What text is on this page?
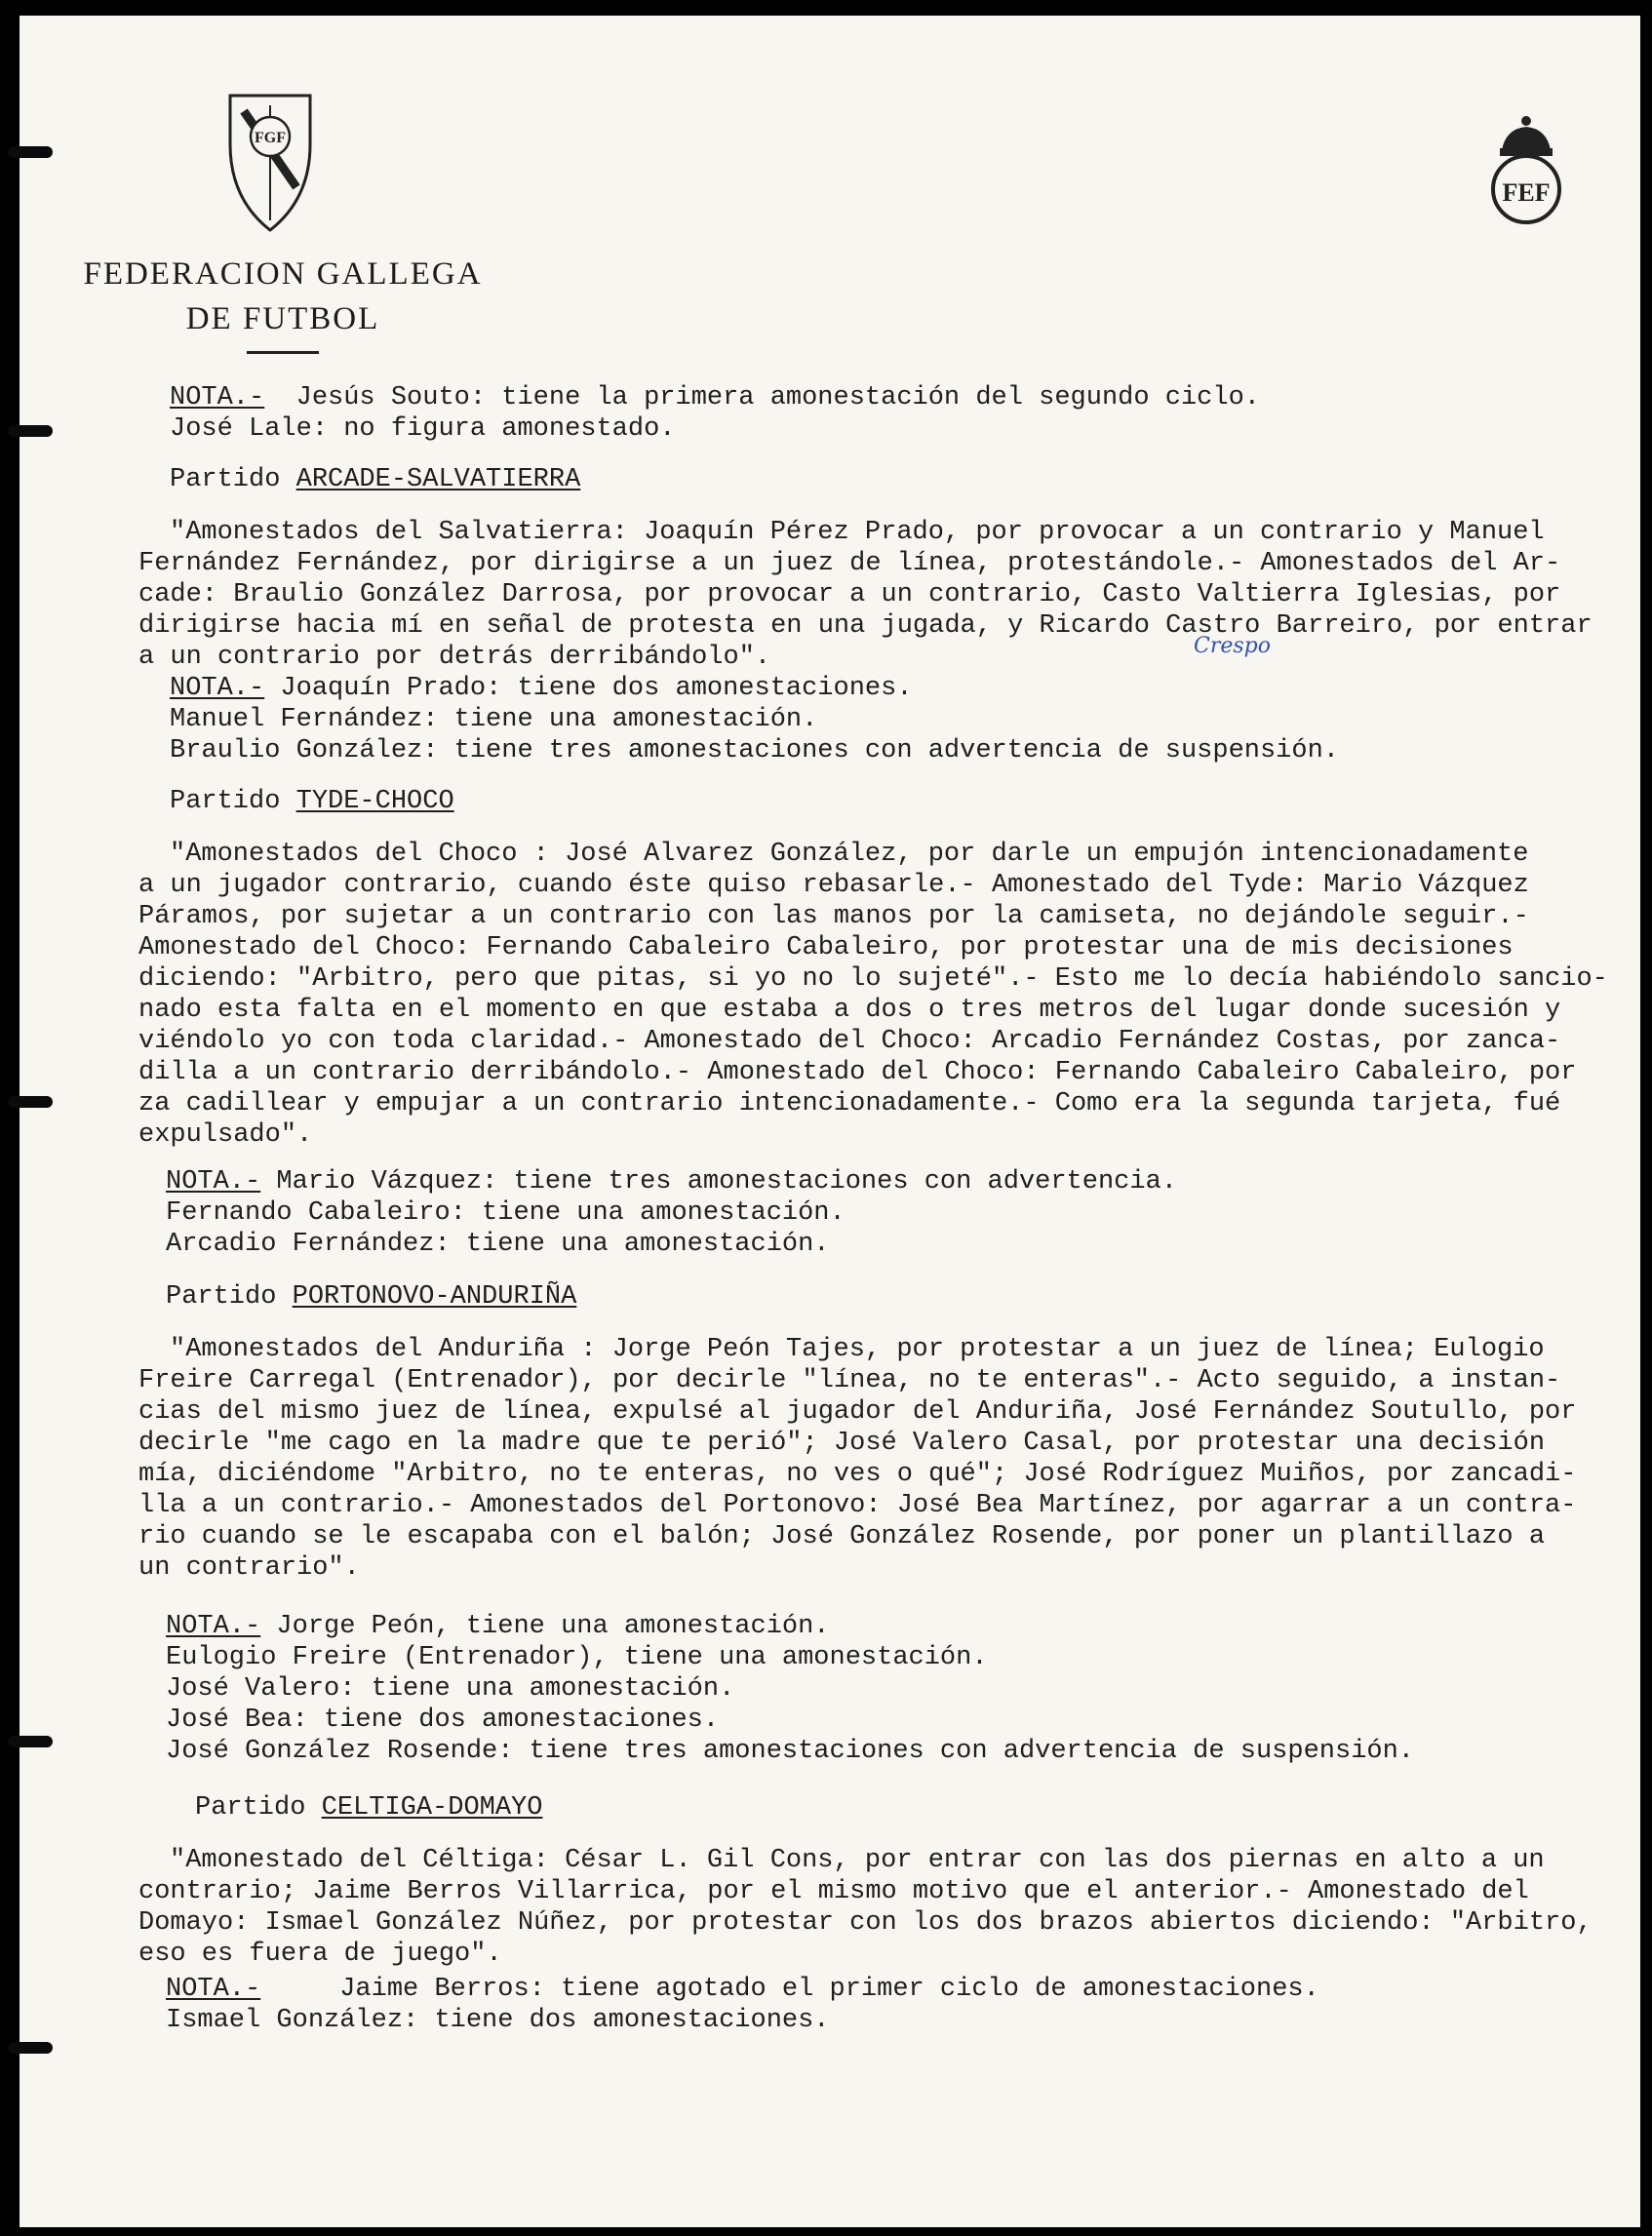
FGF
FEF
FEDERACION GALLEGA
DE FUTBOL
NOTA.-  Jesús Souto: tiene la primera amonestación del segundo ciclo.
José Lale: no figura amonestado.
Partido ARCADE-SALVATIERRA
"Amonestados del Salvatierra: Joaquín Pérez Prado, por provocar a un contrario y Manuel
Fernández Fernández, por dirigirse a un juez de línea, protestándole.- Amonestados del Ar-
cade: Braulio González Darrosa, por provocar a un contrario, Casto Valtierra Iglesias, por
dirigirse hacia mí en señal de protesta en una jugada, y Ricardo Castro Barreiro, por entrar
a un contrario por detrás derribándolo".	Crespo
NOTA.- Joaquín Prado: tiene dos amonestaciones.
Manuel Fernández: tiene una amonestación.
Braulio González: tiene tres amonestaciones con advertencia de suspensión.
Partido TYDE-CHOCO
"Amonestados del Choco : José Alvarez González, por darle un empujón intencionadamente
a un jugador contrario, cuando éste quiso rebasarle.- Amonestado del Tyde: Mario Vázquez
Páramos, por sujetar a un contrario con las manos por la camiseta, no dejándole seguir.-
Amonestado del Choco: Fernando Cabaleiro Cabaleiro, por protestar una de mis decisiones
diciendo: "Arbitro, pero que pitas, si yo no lo sujeté".- Esto me lo decía habiéndolo sancio-
nado esta falta en el momento en que estaba a dos o tres metros del lugar donde sucesión y
viéndolo yo con toda claridad.- Amonestado del Choco: Arcadio Fernández Costas, por zanca-
dilla a un contrario derribándolo.- Amonestado del Choco: Fernando Cabaleiro Cabaleiro, por
za cadillear y empujar a un contrario intencionadamente.- Como era la segunda tarjeta, fué
expulsado".
NOTA.- Mario Vázquez: tiene tres amonestaciones con advertencia.
Fernando Cabaleiro: tiene una amonestación.
Arcadio Fernández: tiene una amonestación.
Partido PORTONOVO-ANDURIÑA
"Amonestados del Anduriña : Jorge Peón Tajes, por protestar a un juez de línea; Eulogio
Freire Carregal (Entrenador), por decirle "línea, no te enteras".- Acto seguido, a instan-
cias del mismo juez de línea, expulsé al jugador del Anduriña, José Fernández Soutullo, por
decirle "me cago en la madre que te perió"; José Valero Casal, por protestar una decisión
mía, diciéndome "Arbitro, no te enteras, no ves o qué"; José Rodríguez Muiños, por zancadi-
lla a un contrario.- Amonestados del Portonovo: José Bea Martínez, por agarrar a un contra-
rio cuando se le escapaba con el balón; José González Rosende, por poner un plantillazo a
un contrario".
NOTA.- Jorge Peón, tiene una amonestación.
Eulogio Freire (Entrenador), tiene una amonestación.
José Valero: tiene una amonestación.
José Bea: tiene dos amonestaciones.
José González Rosende: tiene tres amonestaciones con advertencia de suspensión.
Partido CELTIGA-DOMAYO
"Amonestado del Céltiga: César L. Gil Cons, por entrar con las dos piernas en alto a un
contrario; Jaime Berros Villarrica, por el mismo motivo que el anterior.- Amonestado del
Domayo: Ismael González Núñez, por protestar con los dos brazos abiertos diciendo: "Arbitro,
eso es fuera de juego".
NOTA.-     Jaime Berros: tiene agotado el primer ciclo de amonestaciones.
Ismael González: tiene dos amonestaciones.
